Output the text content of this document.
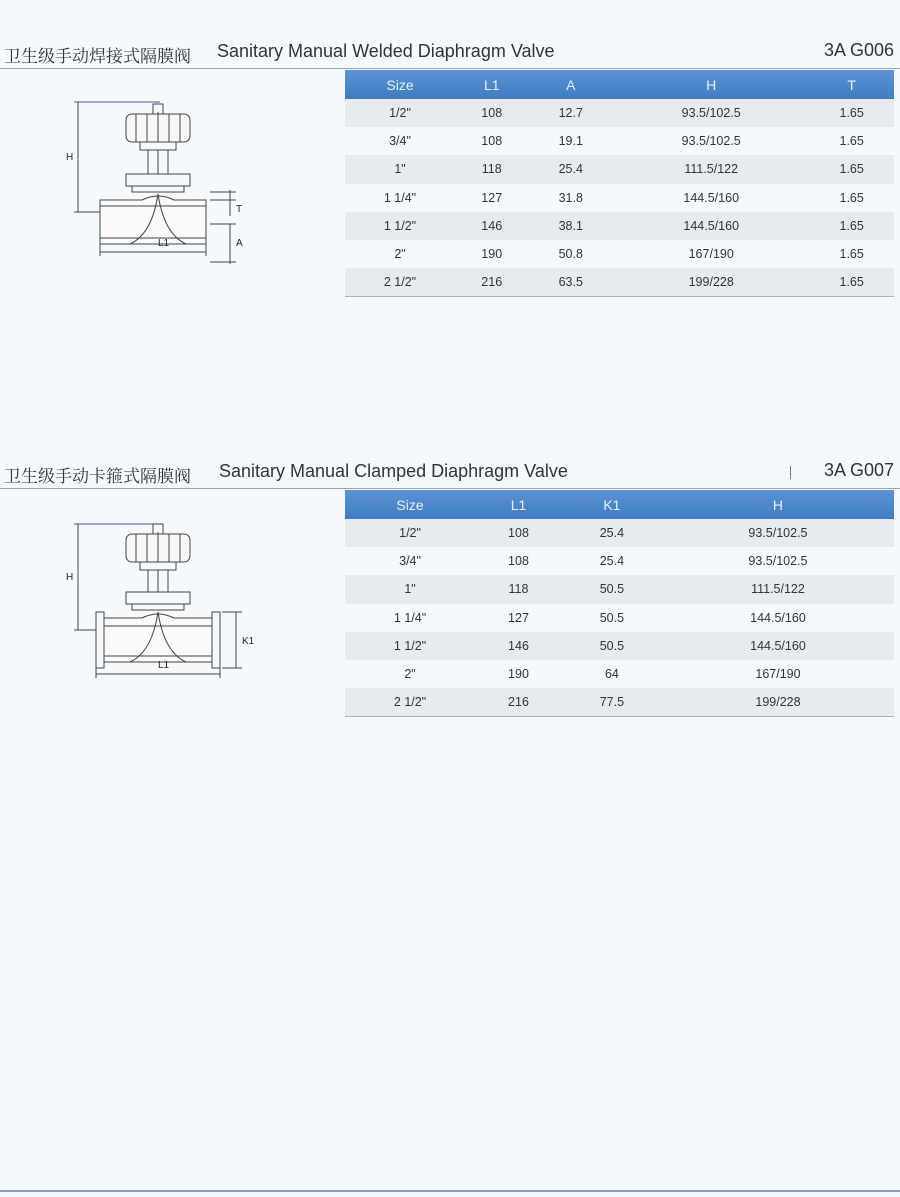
卫生级手动焊接式隔膜阀 Sanitary Manual Welded Diaphragm Valve	3A G006
H
L1	A
T
Size	L1	A	H	T
1/2"	108	12.7	93.5/102.5	1.65
3/4"	108	19.1	93.5/102.5	1.65
1"	118	25.4	111.5/122	1.65
1 1/4"	127	31.8	144.5/160	1.65
1 1/2"	146	38.1	144.5/160	1.65
2"	190	50.8	167/190	1.65
2 1/2"	216	63.5	199/228	1.65
卫生级手动卡箍式隔膜阀 Sanitary Manual Clamped Diaphragm Valve	3A G007
H
L1
K1
Size	L1	K1	H
1/2"	108	25.4	93.5/102.5
3/4"	108	25.4	93.5/102.5
1"	118	50.5	111.5/122
1 1/4"	127	50.5	144.5/160
1 1/2"	146	50.5	144.5/160
2"	190	64	167/190
2 1/2"	216	77.5	199/228
